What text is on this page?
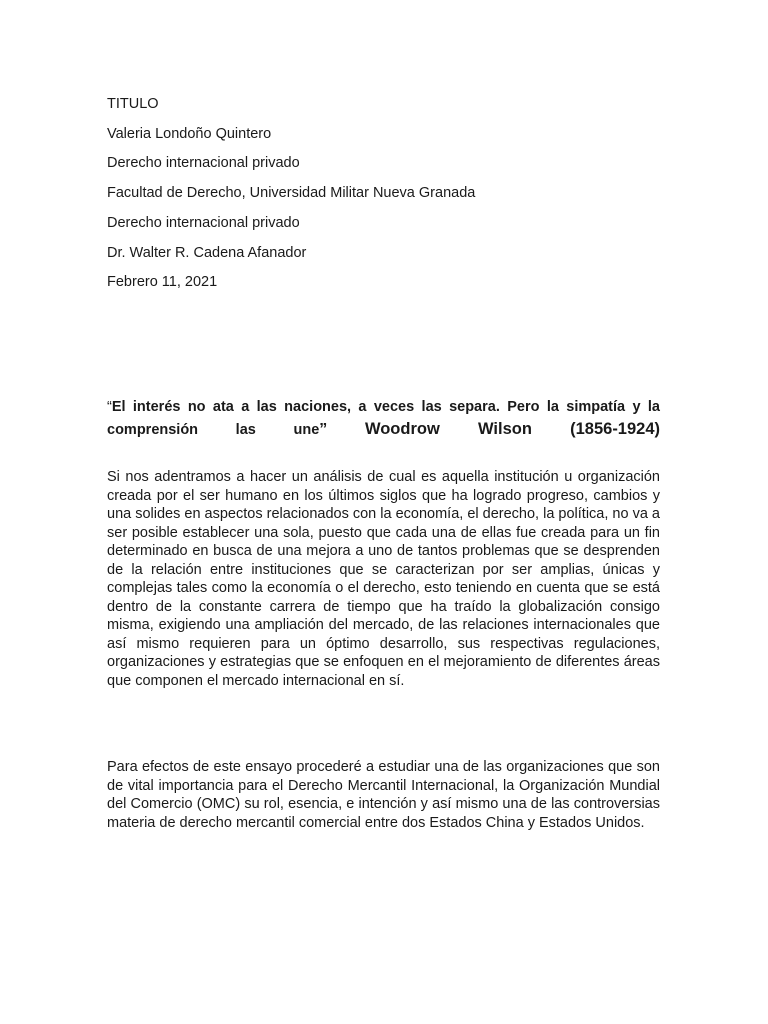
TITULO
Valeria Londoño Quintero
Derecho internacional privado
Facultad de Derecho, Universidad Militar Nueva Granada
Derecho internacional privado
Dr. Walter R. Cadena Afanador
Febrero 11, 2021
“El interés no ata a las naciones, a veces las separa. Pero la simpatía y la comprensión las une” Woodrow Wilson (1856-1924)
Si nos adentramos a hacer un análisis de cual es aquella institución u organización creada por el ser humano en los últimos siglos que ha logrado progreso, cambios y una solides en aspectos relacionados con la economía, el derecho, la política, no va a ser posible establecer una sola, puesto que cada una de ellas fue creada para un fin determinado en busca de una mejora a uno de tantos problemas que se desprenden de la relación entre instituciones que se caracterizan por ser amplias, únicas y complejas tales como la economía o el derecho, esto teniendo en cuenta que se está dentro de la constante carrera de tiempo que ha traído la globalización consigo misma, exigiendo una ampliación del mercado, de las relaciones internacionales que así mismo requieren para un óptimo desarrollo, sus respectivas regulaciones, organizaciones y estrategias que se enfoquen en el mejoramiento de diferentes áreas que componen el mercado internacional en sí.
Para efectos de este ensayo procederé a estudiar una de las organizaciones que son de vital importancia para el Derecho Mercantil Internacional, la Organización Mundial del Comercio (OMC) su rol, esencia, e intención y así mismo una de las controversias materia de derecho mercantil comercial entre dos Estados China y Estados Unidos.
